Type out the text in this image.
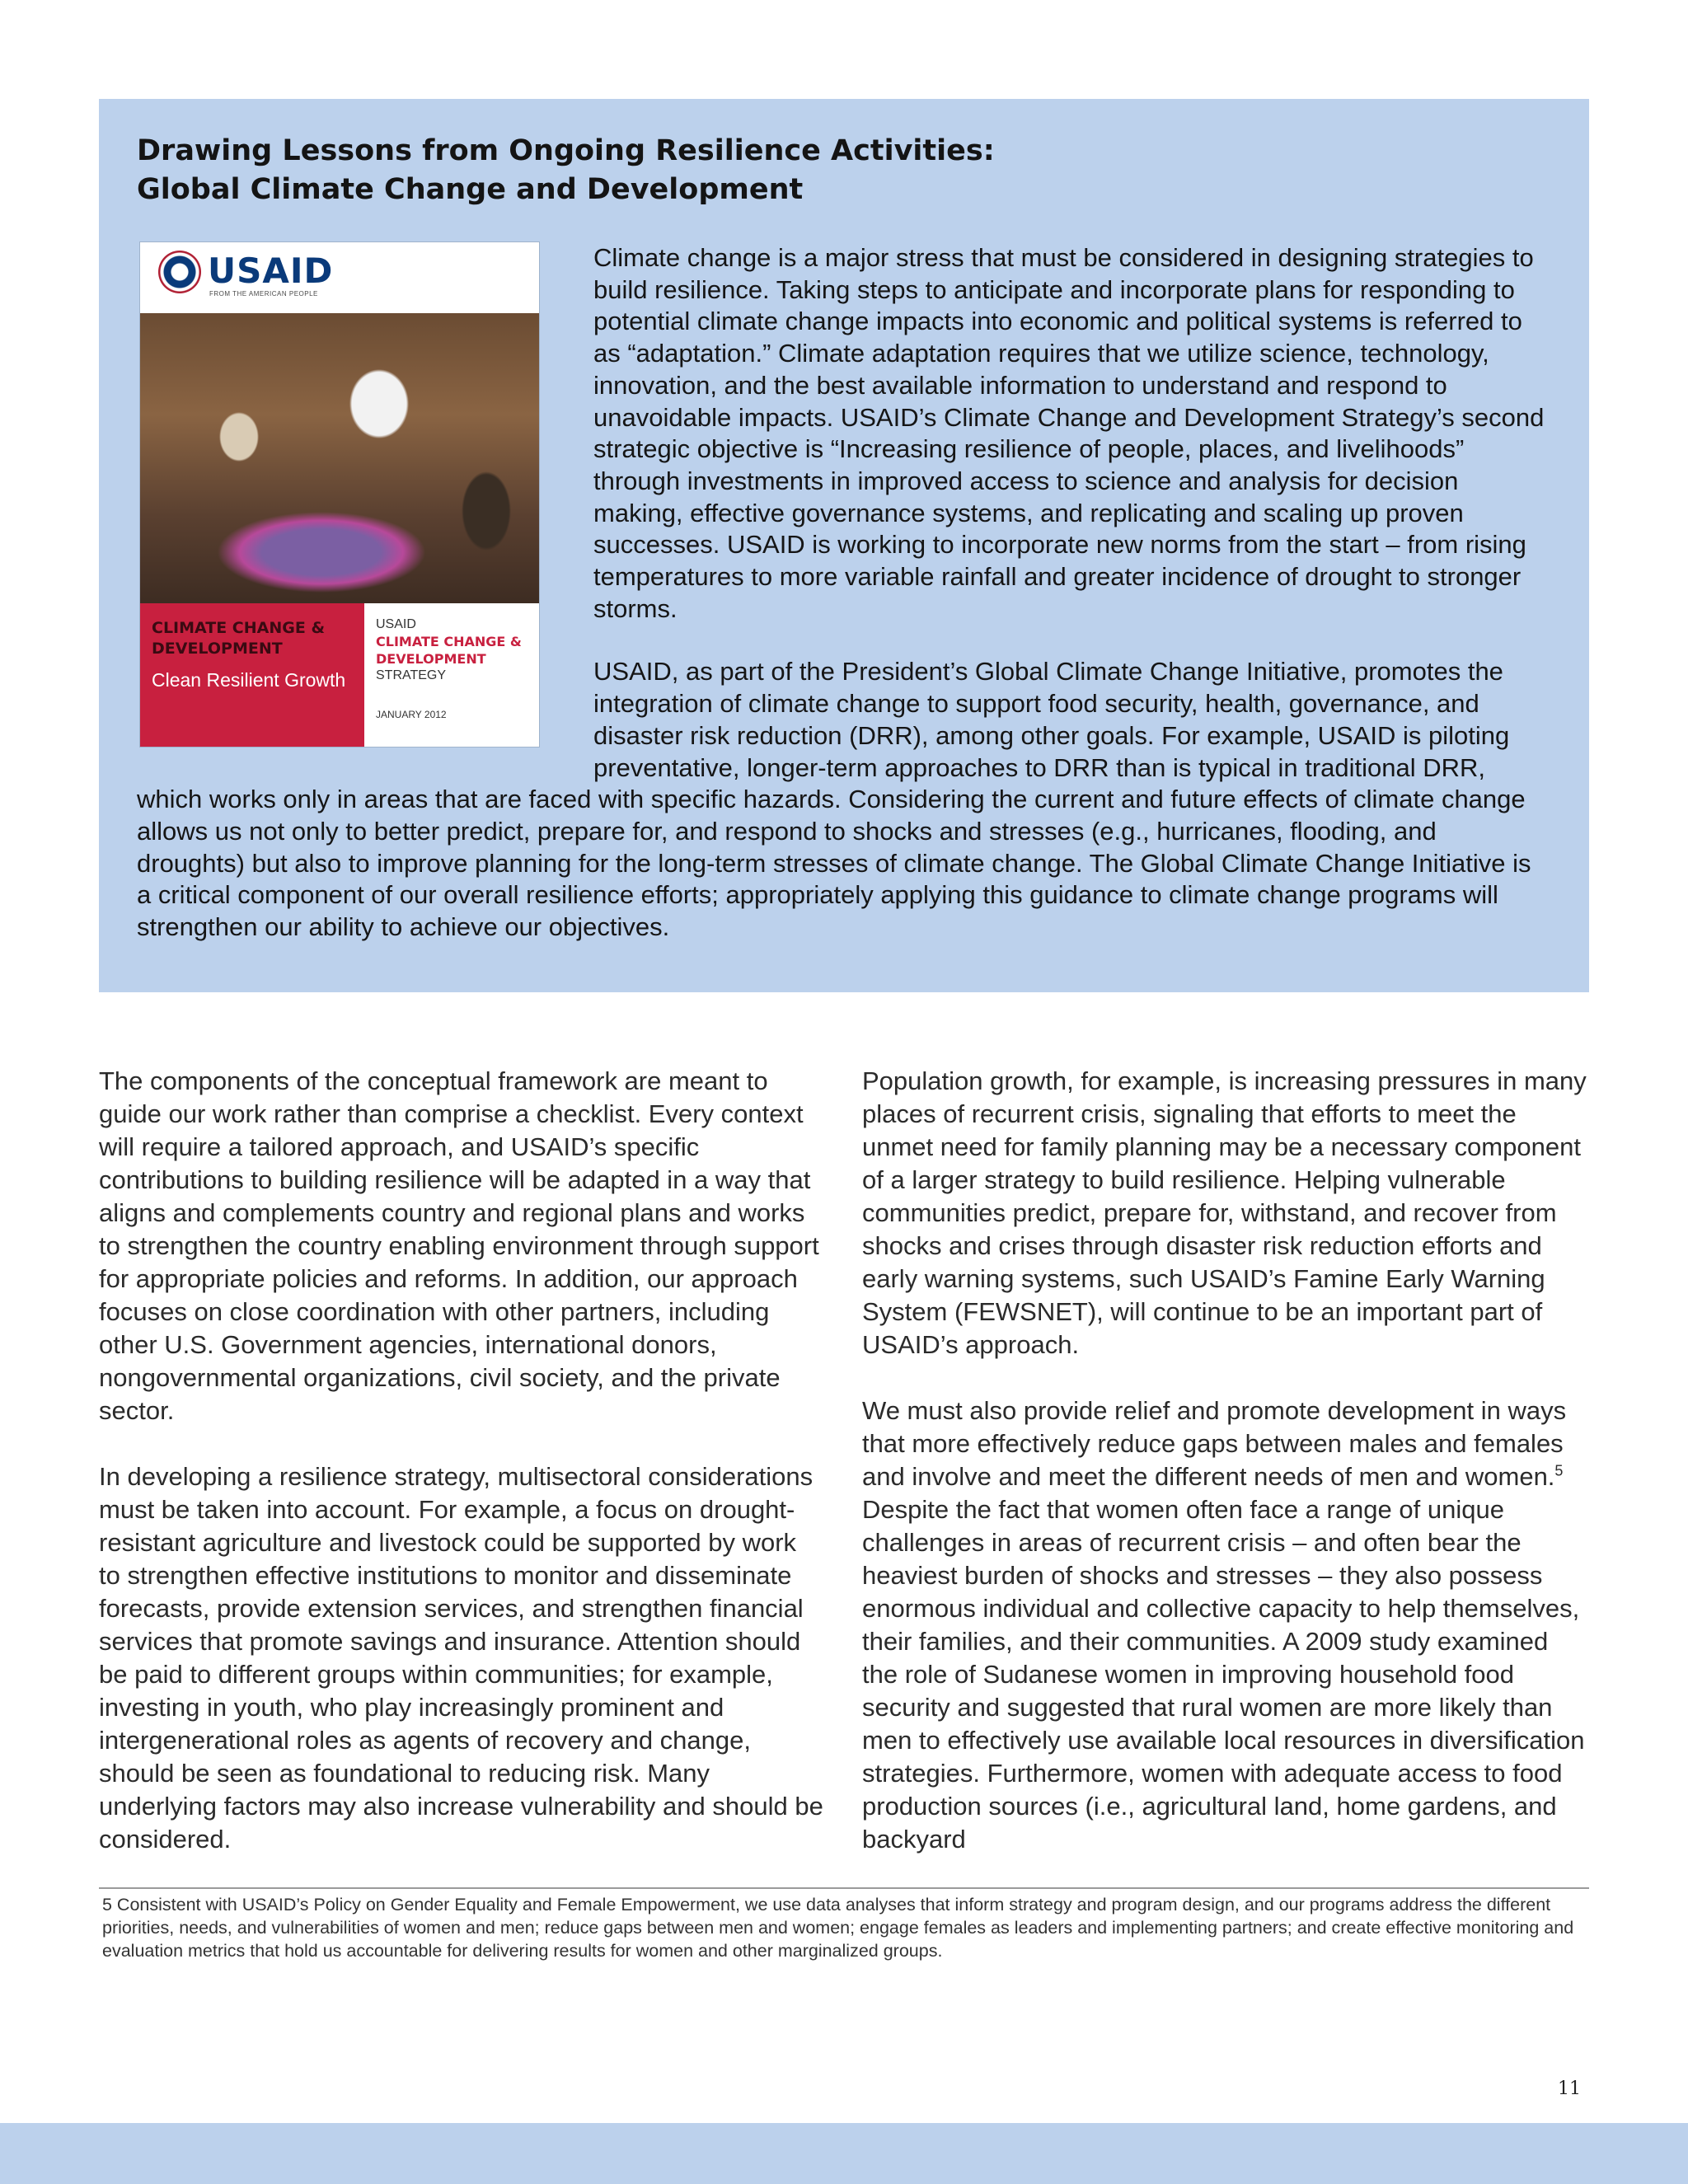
Drawing Lessons from Ongoing Resilience Activities:
Global Climate Change and Development
USAID
FROM THE AMERICAN PEOPLE
CLIMATE CHANGE & DEVELOPMENT
Clean Resilient Growth
USAID
CLIMATE CHANGE & DEVELOPMENT
STRATEGY
JANUARY 2012

Climate change is a major stress that must be considered in designing strategies to build resilience. Taking steps to anticipate and incorporate plans for responding to potential climate change impacts into economic and political systems is referred to as “adaptation.” Climate adaptation requires that we utilize science, technology, innovation, and the best available information to understand and respond to unavoidable impacts. USAID’s Climate Change and Development Strategy’s second strategic objective is “Increasing resilience of people, places, and livelihoods” through investments in improved access to science and analysis for decision making, effective governance systems, and replicating and scaling up proven successes. USAID is working to incorporate new norms from the start – from rising temperatures to more variable rainfall and greater incidence of drought to stronger storms.

USAID, as part of the President’s Global Climate Change Initiative, promotes the integration of climate change to support food security, health, governance, and disaster risk reduction (DRR), among other goals. For example, USAID is piloting preventative, longer-term approaches to DRR than is typical in traditional DRR, which works only in areas that are faced with specific hazards. Considering the current and future effects of climate change allows us not only to better predict, prepare for, and respond to shocks and stresses (e.g., hurricanes, flooding, and droughts) but also to improve planning for the long-term stresses of climate change. The Global Climate Change Initiative is a critical component of our overall resilience efforts; appropriately applying this guidance to climate change programs will strengthen our ability to achieve our objectives.

The components of the conceptual framework are meant to guide our work rather than comprise a checklist. Every context will require a tailored approach, and USAID’s specific contributions to building resilience will be adapted in a way that aligns and complements country and regional plans and works to strengthen the country enabling environment through support for appropriate policies and reforms. In addition, our approach focuses on close coordination with other partners, including other U.S. Government agencies, international donors, nongovernmental organizations, civil society, and the private sector.

In developing a resilience strategy, multisectoral considerations must be taken into account. For example, a focus on drought-resistant agriculture and livestock could be supported by work to strengthen effective institutions to monitor and disseminate forecasts, provide extension services, and strengthen financial services that promote savings and insurance. Attention should be paid to different groups within communities; for example, investing in youth, who play increasingly prominent and intergenerational roles as agents of recovery and change, should be seen as foundational to reducing risk. Many underlying factors may also increase vulnerability and should be considered.

Population growth, for example, is increasing pressures in many places of recurrent crisis, signaling that efforts to meet the unmet need for family planning may be a necessary component of a larger strategy to build resilience. Helping vulnerable communities predict, prepare for, withstand, and recover from shocks and crises through disaster risk reduction efforts and early warning systems, such USAID’s Famine Early Warning System (FEWSNET), will continue to be an important part of USAID’s approach.

We must also provide relief and promote development in ways that more effectively reduce gaps between males and females and involve and meet the different needs of men and women.$^5$ Despite the fact that women often face a range of unique challenges in areas of recurrent crisis – and often bear the heaviest burden of shocks and stresses – they also possess enormous individual and collective capacity to help themselves, their families, and their communities. A 2009 study examined the role of Sudanese women in improving household food security and suggested that rural women are more likely than men to effectively use available local resources in diversification strategies. Furthermore, women with adequate access to food production sources (i.e., agricultural land, home gardens, and backyard

5 Consistent with USAID’s Policy on Gender Equality and Female Empowerment, we use data analyses that inform strategy and program design, and our programs address the different priorities, needs, and vulnerabilities of women and men; reduce gaps between men and women; engage females as leaders and implementing partners; and create effective monitoring and evaluation metrics that hold us accountable for delivering results for women and other marginalized groups.

11
